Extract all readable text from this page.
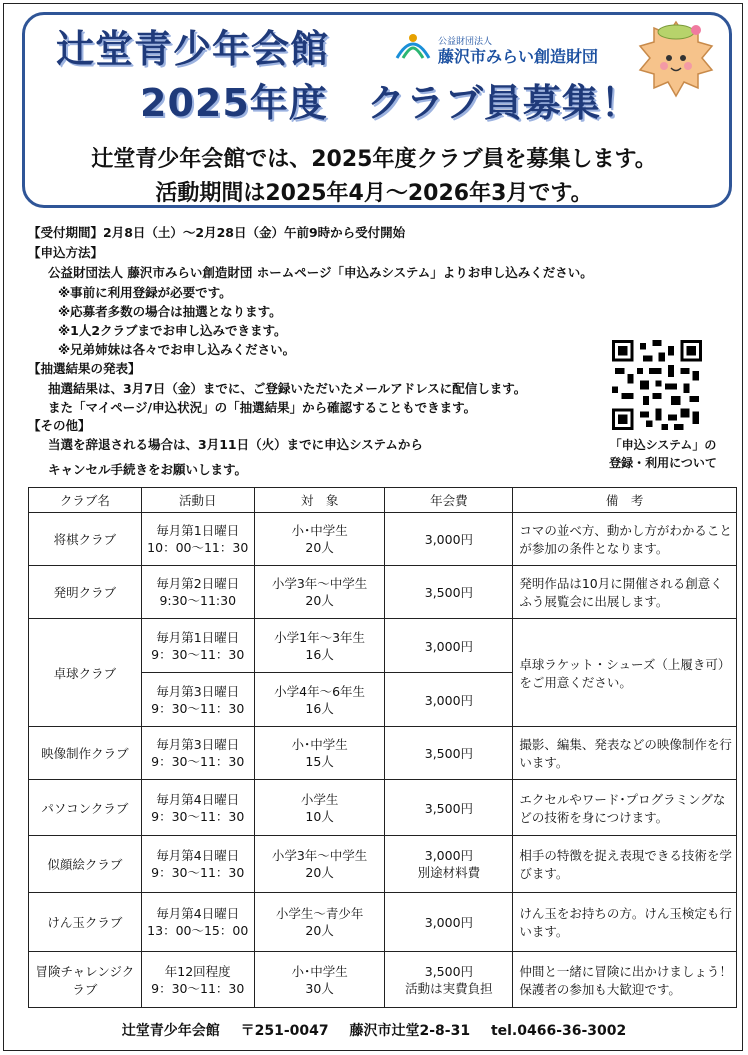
辻堂青少年会館
2025年度　クラブ員募集！
公益財団法人
藤沢市みらい創造財団
辻堂青少年会館では、2025年度クラブ員を募集します。
活動期間は2025年4月～2026年3月です。
【受付期間】2月8日（土）～2月28日（金）午前9時から受付開始
【申込方法】
公益財団法人 藤沢市みらい創造財団 ホームページ「申込みシステム」よりお申し込みください。
※事前に利用登録が必要です。
※応募者多数の場合は抽選となります。
※1人2クラブまでお申し込みできます。
※兄弟姉妹は各々でお申し込みください。
【抽選結果の発表】
抽選結果は、3月7日（金）までに、ご登録いただいたメールアドレスに配信します。
また「マイページ/申込状況」の「抽選結果」から確認することもできます。
【その他】
当選を辞退される場合は、3月11日（火）までに申込システムから
キャンセル手続きをお願いします。
「申込システム」の
登録・利用について
クラブ名	活動日	対　象	年会費	備　考
将棋クラブ	毎月第1日曜日
10：00～11：30	小･中学生
20人	3,000円	コマの並べ方、動かし方がわかることが参加の条件となります。
発明クラブ	毎月第2日曜日
9:30～11:30	小学3年～中学生
20人	3,500円	発明作品は10月に開催される創意くふう展覧会に出展します。
卓球クラブ	毎月第1日曜日
9：30～11：30	小学1年～3年生
16人	3,000円	卓球ラケット・シューズ（上履き可）をご用意ください。

	毎月第3日曜日
9：30～11：30	小学4年～6年生
16人	3,000円	
映像制作クラブ	毎月第3日曜日
9：30～11：30	小･中学生
15人	3,500円	撮影、編集、発表などの映像制作を行います。
パソコンクラブ	毎月第4日曜日
9：30～11：30	小学生
10人	3,500円	エクセルやワード･プログラミングなどの技術を身につけます。
似顔絵クラブ	毎月第4日曜日
9：30～11：30	小学3年～中学生
20人	3,000円
別途材料費	相手の特徴を捉え表現できる技術を学びます。
けん玉クラブ	毎月第4日曜日
13：00～15：00	小学生～青少年
20人	3,000円	けん玉をお持ちの方。けん玉検定も行います。
冒険チャレンジクラブ	年12回程度
9：30～11：30	小･中学生
30人	3,500円
活動は実費負担	仲間と一緒に冒険に出かけましょう！保護者の参加も大歓迎です。
辻堂青少年会館 〒251-0047 藤沢市辻堂2-8-31 tel.0466-36-3002
